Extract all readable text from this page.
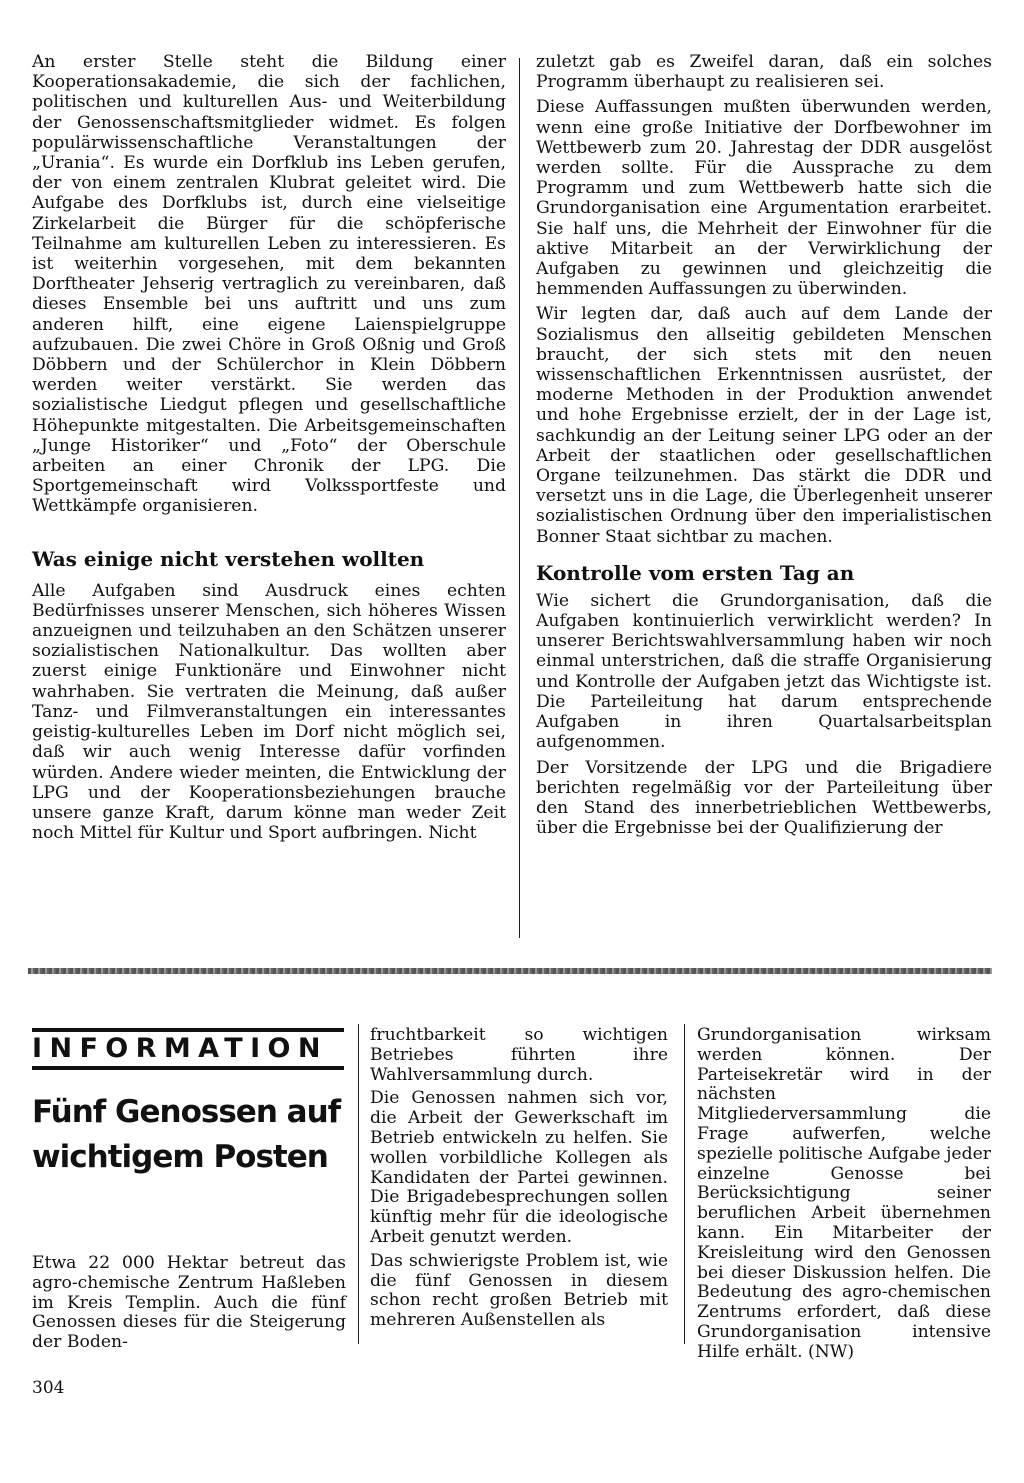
An erster Stelle steht die Bildung einer Kooperationsakademie, die sich der fachlichen, politischen und kulturellen Aus- und Weiterbildung der Genossenschaftsmitglieder widmet. Es folgen populärwissenschaftliche Veranstaltungen der „Urania“. Es wurde ein Dorfklub ins Leben gerufen, der von einem zentralen Klubrat geleitet wird. Die Aufgabe des Dorfklubs ist, durch eine vielseitige Zirkelarbeit die Bürger für die schöpferische Teilnahme am kulturellen Leben zu interessieren. Es ist weiterhin vorgesehen, mit dem bekannten Dorftheater Jehserig vertraglich zu vereinbaren, daß dieses Ensemble bei uns auftritt und uns zum anderen hilft, eine eigene Laienspielgruppe aufzubauen. Die zwei Chöre in Groß Oßnig und Groß Döbbern und der Schülerchor in Klein Döbbern werden weiter verstärkt. Sie werden das sozialistische Liedgut pflegen und gesellschaftliche Höhepunkte mitgestalten. Die Arbeitsgemeinschaften „Junge Historiker“ und „Foto“ der Oberschule arbeiten an einer Chronik der LPG. Die Sportgemeinschaft wird Volkssportfeste und Wettkämpfe organisieren.

Was einige nicht verstehen wollten

Alle Aufgaben sind Ausdruck eines echten Bedürfnisses unserer Menschen, sich höheres Wissen anzueignen und teilzuhaben an den Schätzen unserer sozialistischen Nationalkultur. Das wollten aber zuerst einige Funktionäre und Einwohner nicht wahrhaben. Sie vertraten die Meinung, daß außer Tanz- und Filmveranstaltungen ein interessantes geistig-kulturelles Leben im Dorf nicht möglich sei, daß wir auch wenig Interesse dafür vorfinden würden. Andere wieder meinten, die Entwicklung der LPG und der Kooperationsbeziehungen brauche unsere ganze Kraft, darum könne man weder Zeit noch Mittel für Kultur und Sport aufbringen. Nicht

zuletzt gab es Zweifel daran, daß ein solches Programm überhaupt zu realisieren sei.

Diese Auffassungen mußten überwunden werden, wenn eine große Initiative der Dorfbewohner im Wettbewerb zum 20. Jahrestag der DDR ausgelöst werden sollte. Für die Aussprache zu dem Programm und zum Wettbewerb hatte sich die Grundorganisation eine Argumentation erarbeitet. Sie half uns, die Mehrheit der Einwohner für die aktive Mitarbeit an der Verwirklichung der Aufgaben zu gewinnen und gleichzeitig die hemmenden Auffassungen zu überwinden.

Wir legten dar, daß auch auf dem Lande der Sozialismus den allseitig gebildeten Menschen braucht, der sich stets mit den neuen wissenschaftlichen Erkenntnissen ausrüstet, der moderne Methoden in der Produktion anwendet und hohe Ergebnisse erzielt, der in der Lage ist, sachkundig an der Leitung seiner LPG oder an der Arbeit der staatlichen oder gesellschaftlichen Organe teilzunehmen. Das stärkt die DDR und versetzt uns in die Lage, die Überlegenheit unserer sozialistischen Ordnung über den imperialistischen Bonner Staat sichtbar zu machen.

Kontrolle vom ersten Tag an

Wie sichert die Grundorganisation, daß die Aufgaben kontinuierlich verwirklicht werden? In unserer Berichtswahlversammlung haben wir noch einmal unterstrichen, daß die straffe Organisierung und Kontrolle der Aufgaben jetzt das Wichtigste ist. Die Parteileitung hat darum entsprechende Aufgaben in ihren Quartalsarbeitsplan aufgenommen.

Der Vorsitzende der LPG und die Brigadiere berichten regelmäßig vor der Parteileitung über den Stand des innerbetrieblichen Wettbewerbs, über die Ergebnisse bei der Qualifizierung der

INFORMATION
Fünf Genossen auf wichtigem Posten

Etwa 22 000 Hektar betreut das agro-chemische Zentrum Haßleben im Kreis Templin. Auch die fünf Genossen dieses für die Steigerung der Boden-

fruchtbarkeit so wichtigen Betriebes führten ihre Wahlversammlung durch.

Die Genossen nahmen sich vor, die Arbeit der Gewerkschaft im Betrieb entwickeln zu helfen. Sie wollen vorbildliche Kollegen als Kandidaten der Partei gewinnen. Die Brigadebesprechungen sollen künftig mehr für die ideologische Arbeit genutzt werden.

Das schwierigste Problem ist, wie die fünf Genossen in diesem schon recht großen Betrieb mit mehreren Außenstellen als

Grundorganisation wirksam werden können. Der Parteisekretär wird in der nächsten Mitgliederversammlung die Frage aufwerfen, welche spezielle politische Aufgabe jeder einzelne Genosse bei Berücksichtigung seiner beruflichen Arbeit übernehmen kann. Ein Mitarbeiter der Kreisleitung wird den Genossen bei dieser Diskussion helfen. Die Bedeutung des agro-chemischen Zentrums erfordert, daß diese Grundorganisation intensive Hilfe erhält. (NW)

304
